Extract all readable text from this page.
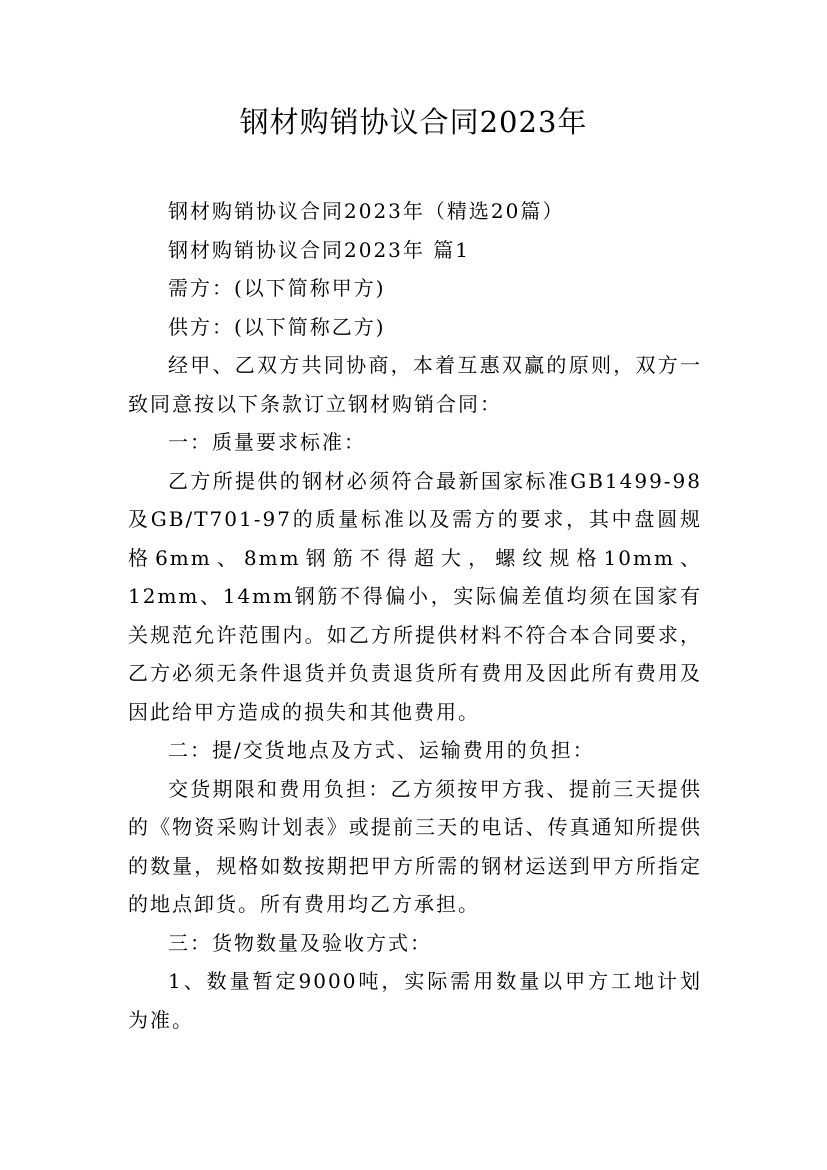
钢材购销协议合同2023年

钢材购销协议合同2023年（精选20篇）

钢材购销协议合同2023年 篇1

需方：(以下简称甲方)

供方：(以下简称乙方)

经甲、乙双方共同协商，本着互惠双赢的原则，双方一致同意按以下条款订立钢材购销合同：

一：质量要求标准：

乙方所提供的钢材必须符合最新国家标准GB1499-98及GB/T701-97的质量标准以及需方的要求，其中盘圆规格6mm、8mm钢筋不得超大，螺纹规格10mm、12mm、14mm钢筋不得偏小，实际偏差值均须在国家有关规范允许范围内。如乙方所提供材料不符合本合同要求，乙方必须无条件退货并负责退货所有费用及因此所有费用及因此给甲方造成的损失和其他费用。

二：提/交货地点及方式、运输费用的负担：

交货期限和费用负担：乙方须按甲方我、提前三天提供的《物资采购计划表》或提前三天的电话、传真通知所提供的数量，规格如数按期把甲方所需的钢材运送到甲方所指定的地点卸货。所有费用均乙方承担。

三：货物数量及验收方式：

1、数量暂定9000吨，实际需用数量以甲方工地计划为准。
